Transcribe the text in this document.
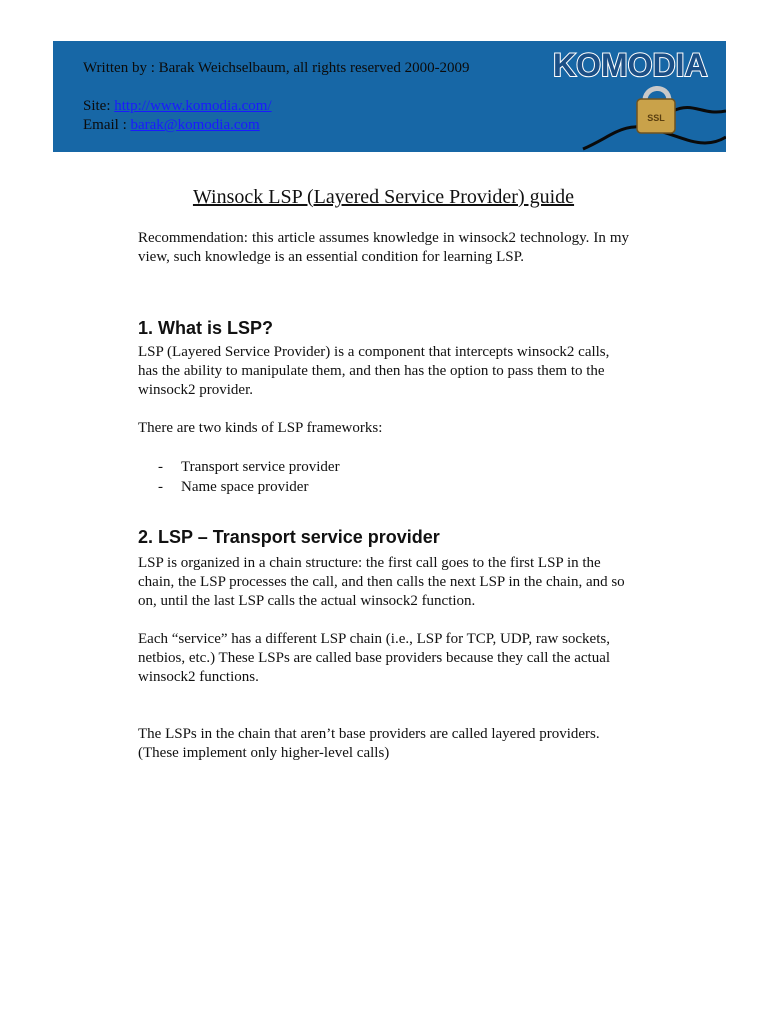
Written by : Barak Weichselbaum, all rights reserved 2000-2009
Site: http://www.komodia.com/
Email : barak@komodia.com
KOMODIA
SSL
Winsock LSP (Layered Service Provider) guide

Recommendation: this article assumes knowledge in winsock2 technology. In my view, such knowledge is an essential condition for learning LSP.

1. What is LSP?

LSP (Layered Service Provider) is a component that intercepts winsock2 calls, has the ability to manipulate them, and then has the option to pass them to the winsock2 provider.

There are two kinds of LSP frameworks:

- Transport service provider
- Name space provider
2. LSP – Transport service provider

LSP is organized in a chain structure: the first call goes to the first LSP in the chain, the LSP processes the call, and then calls the next LSP in the chain, and so on, until the last LSP calls the actual winsock2 function.

Each “service” has a different LSP chain (i.e., LSP for TCP, UDP, raw sockets, netbios, etc.) These LSPs are called base providers because they call the actual winsock2 functions.

The LSPs in the chain that aren’t base providers are called layered providers. (These implement only higher-level calls)
